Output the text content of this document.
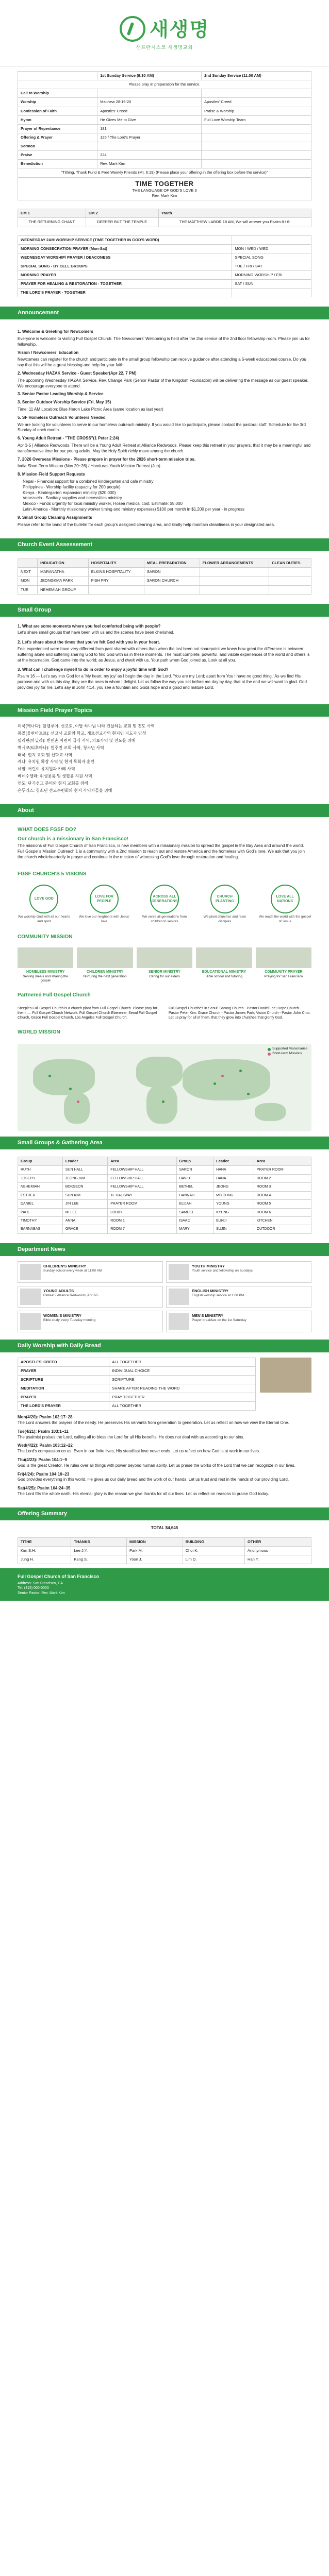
새생명
샌프란시스코 새생명교회
	1st Sunday Service (9:30 AM)	2nd Sunday Service (11:00 AM)
Please pray in preparation for the service.		
Call to Worship		
Worship	Matthew 28:19-20	Apostles' Creed
Confession of Faith	Apostles' Creed	Praise & Worship
Hymn	He Gives Me to Give	Full Love Worship Team
Prayer of Repentance	181	
Offering & Prayer	125 / The Lord's Prayer	
Sermon		
Praise	324	
Benediction	Rev. Mark Kim	
"Tithing, Thank Fund & Free Weekly Friends (Mt. 6:19) (Please place your offering in the offering box before the service)"		

TIME TOGETHER
THE LANGUAGE OF GOD'S LOVE 3
Rev. Mark Kim		
CM 1	CM 2	Youth
THE RETURNING CHANT	DEEPER BUT THE TEMPLE	THE MATTHEW LABOR 18 AM, We will answer you Psalm 8 / 6:
WEDNESDAY 2AM WORSHIP SERVICE (TIME TOGETHER IN GOD'S WORD)	
MORNING CONSECRATION PRAYER (Mon-Sat)	MON / WED / WED
WEDNESDAY WORSHIP/ PRAYER / DEACONESS	SPECIAL SONG
SPECIAL SONG - BY CELL GROUPS	TUE / FRI / SAT
MORNING PRAYER	MORNING WORSHIP / FRI
PRAYER FOR HEALING & RESTORATION - TOGETHER	SAT / SUN
THE LORD'S PRAYER - TOGETHER	
Announcement

1. Welcome & Greeting for Newcomers

Everyone is welcome to visiting Full Gospel Church. The Newcomers' Welcoming is held after the 2nd service of the 2nd floor fellowship room. Please join us for fellowship.

Vision / Newcomers' Education

Newcomers can register for the church and participate in the small group fellowship can receive guidance after attending a 5-week educational course. Do you say that this will be a great blessing and help for your faith.

2. Wednesday HAZAK Service - Guest Speaker(Apr 22, 7 PM)

The upcoming Wednesday HAZAK Service, Rev. Change Park (Senior Pastor of the Kingdom Foundation) will be delivering the message as our guest speaker. We encourage everyone to attend.

3. Senior Pastor Leading Worship & Service

3. Senior Outdoor Worship Service (Fri, May 15)

Time: 11 AM Location: Blue Heron Lake Picnic Area (same location as last year)

5. SF Homeless Outreach Volunteers Needed

We are looking for volunteers to serve in our homeless outreach ministry. If you would like to participate, please contact the pastoral staff. Schedule for the 3rd Sunday of each month.

6. Young Adult Retreat - "THE CROSS"(1 Peter 2:24)

Apr 3-5 | Alliance Redwoods. There will be a Young Adult Retreat at Alliance Redwoods. Please keep this retreat in your prayers, that it may be a meaningful and transformative time for our young adults. May the Holy Spirit richly move among the church.

7. 2026 Overseas Missions - Please prepare in prayer for the 2026 short-term mission trips.

India Short-Term Mission (Nov 20~26) / Honduras Youth Mission Retreat (Jun)

8. Mission Field Support Requests

Nepal - Financial support for a combined kindergarten and cafe ministry
Philippines - Worship facility (capacity for 200 people)
Kenya - Kindergarten expansion ministry ($20,000)
Venezuela - Sanitary supplies and necessities ministry
Mexico - Funds urgently for local ministry worker, Hosea medical cost. Estimate: $5,000
Latin America - Monthly missionary worker timing and ministry expenses) $100 per month in $1,200 per year - in progress

9. Small Group Cleaning Assignments

Please refer to the band of the bulletin for each group's assigned cleaning area, and kindly help maintain cleanliness in your designated area.

Church Event Assessement
	INDUCATION	HOSPITALITY	MEAL PREPARATION	FLOWER ARRANGEMENTS	CLEAN DUTIES
NEXT	MARANATHA	ELKINS HOSPITALITY	SARON		
MON	JEONGKMA PARK	FISH FRY	SARON CHURCH		
TUE	NEHEMIAH GROUP				
Small Group
1. What are some moments where you feel comforted being with people?
Let's share small groups that have been with us and the scenes have been cherished.
2. Let's share about the times that you've felt God with you in your heart.
Feel experienced were have very different from past shared with others than when the last been not sharepoint we knew how great the difference is between suffering alone and suffering sharing God to find God with us in these moments. The most complete, powerful, and visible experiences of the world and others is at the incarnation. God came into the world; as Jesus, and dwelt with us. Your path when God joined us. Look at all you.
3. What can I challenge myself to do in order to enjoy a joyful time with God?
Psalm 16 — Let's say into God for a 'My heart, my joy' as I begin the day in the Lord. 'You are my Lord; apart from You I have no good thing.' As we find His purpose and with us this day, they are the ones in whom I delight. Let us follow the way you set before me day by day, that at the end we will want to glad. God provides joy for me. Let's say in John 4:14, you see a fountain and Gods hope and a good and mature Lord.
Mission Field Prayer Topics
미국(캐나다): 할렐루야, 선교회, 이달 하나님 나라 건설하는 교회 및 전도 사역
몽골(울란바토르): 선교사 교회와 학교, 게르선교사역 현지인 지도자 양성
필리핀(마닐라): 빈민촌 어린이 급식 사역, 의료사역 및 전도를 위해
멕시코(티후아나): 원주민 교회 사역, 청소년 사역
태국: 현지 교회 및 신학교 사역
케냐: 유치원 확장 사역 및 현지 목회자 훈련
네팔: 어린이 유치원과 카페 사역
베네수엘라: 위생용품 및 생필품 지원 사역
인도: 단기선교 준비와 현지 교회를 위해
온두라스: 청소년 선교수련회와 현지 사역자들을 위해
About
WHAT DOES FGSF DO?
Our church is a missionary in San Francisco!

The missions of Full Gospel Church of San Francisco, is new members with a missionary mission to spread the gospel in the Bay Area and around the world. Full Gospel's Mission Outreach 1 is a community with a 2nd mission to reach out and restore America and the homeless with God's love. We ask that you join the church wholeheartedly in prayer and continue in the mission of witnessing God's love through restoration and healing.

FGSF CHURCH'S 5 VISIONS
LOVE GOD
We worship God with all our hearts and spirit
LOVE FOR PEOPLE
We love our neighbors with Jesus' love
ACROSS ALL GENERATIONS
We serve all generations from children to seniors
CHURCH PLANTING
We plant churches and raise disciples
LOVE ALL NATIONS
We reach the world with the gospel of Jesus
COMMUNITY MISSION
HOMELESS MINISTRY
Serving meals and sharing the gospel
CHILDREN MINISTRY
Nurturing the next generation
SENIOR MINISTRY
Caring for our elders
EDUCATIONAL MINISTRY
Bible school and tutoring
COMMUNITY PRAYER
Praying for San Francisco
Partnered Full Gospel Church

Steeples Full Gospel Church is a church plant from Full Gospel Church. Please pray for them. — Full Gospel Church Network: Full Gospel Church Ebenezer, Seoul Full Gospel Church, Grace Full Gospel Church, Los Angeles Full Gospel Church.

Full Gospel Churches in Seoul: Sarang Church - Pastor Daniel Lee; Hope Church - Pastor Peter Kim; Grace Church - Pastor James Park; Vision Church - Pastor John Choi. Let us pray for all of them, that they grow into churches that glorify God.

WORLD MISSION
Supported Missionaries
Short-term Missions
Small Groups & Gathering Area
Group	Leader	Area	Group	Leader	Area
RUTH	SUN HALL	FELLOWSHIP HALL	SARON	HANA	PRAYER ROOM
JOSEPH	JEONG KIM	FELLOWSHIP HALL	DAVID	HANA	ROOM 2
NEHEMIAH	BOKSEON	FELLOWSHIP HALL	BETHEL	JEONG	ROOM 3
ESTHER	SUN KIM	1F HALLWAY	HANNAH	MIYOUNG	ROOM 4
DANIEL	JIN LEE	PRAYER ROOM	ELIJAH	YOUNG	ROOM 5
PAUL	MI LEE	LOBBY	SAMUEL	KYUNG	ROOM 6
TIMOTHY	ANNA	ROOM 1	ISAAC	EUNJI	KITCHEN
BARNABAS	GRACE	ROOM 7	MARY	SUJIN	OUTDOOR
Department News
CHILDREN'S MINISTRY
Sunday school every week at 11:00 AM
YOUTH MINISTRY
Youth service and fellowship on Sundays
YOUNG ADULTS
Retreat - Alliance Redwoods, Apr 3-5
ENGLISH MINISTRY
English worship service at 1:00 PM
WOMEN'S MINISTRY
Bible study every Tuesday morning
MEN'S MINISTRY
Prayer breakfast on the 1st Saturday
Daily Worship with Daily Bread
APOSTLES' CREED	ALL TOGETHER
PRAYER	INDIVIDUAL CHOICE
SCRIPTURE	SCRIPTURE
MEDITATION	SHARE AFTER READING THE WORD
PRAYER	PRAY TOGETHER
THE LORD'S PRAYER	ALL TOGETHER
Mon(4/20): Psalm 102:17~28
The Lord answers the prayers of the needy. He preserves His servants from generation to generation. Let us reflect on how we view the Eternal One.
Tue(4/21): Psalm 103:1~11
The psalmist praises the Lord, calling all to bless the Lord for all His benefits. He does not deal with us according to our sins.
Wed(4/22): Psalm 103:12~22
The Lord's compassion on us. Even in our finite lives, His steadfast love never ends. Let us reflect on how God is at work in our lives.
Thu(4/23): Psalm 104:1~9
God is the great Creator. He rules over all things with power beyond human ability. Let us praise the works of the Lord that we can recognize in our lives.
Fri(4/24): Psalm 104:10~23
God provides everything in this world. He gives us our daily bread and the work of our hands. Let us trust and rest in the hands of our providing Lord.
Sat(4/25): Psalm 104:24~35
The Lord fills the whole earth. His eternal glory is the reason we give thanks for all our lives. Let us reflect on reasons to praise God today.
Offering Summary
TOTAL $4,645
TITHE	THANKS	MISSION	BUILDING	OTHER
Kim S.H.	Lee J.Y.	Park M.	Choi K.	Anonymous
Jung H.	Kang S.	Yoon J.	Lim D.	Han Y.
Full Gospel Church of San Francisco
Address: San Francisco, CA
Tel: (415) 000-0000
Senior Pastor: Rev. Mark Kim
